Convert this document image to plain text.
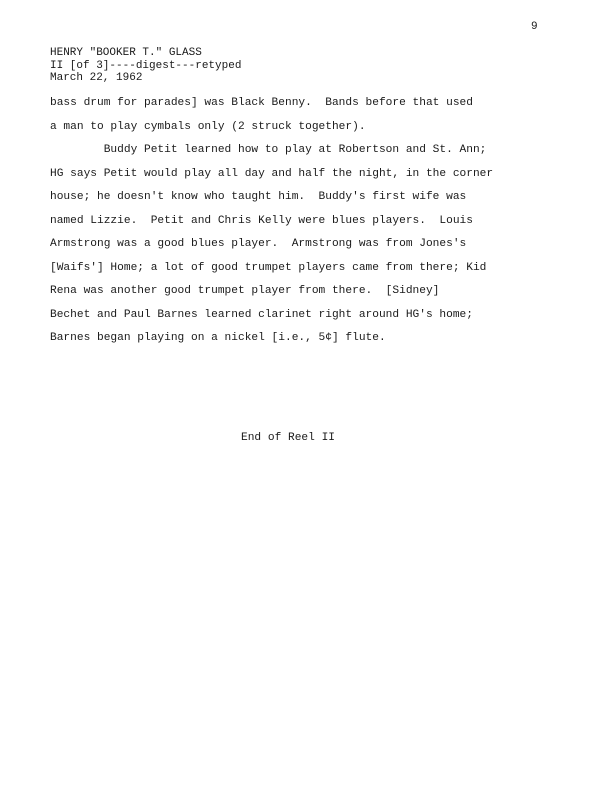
9
HENRY "BOOKER T." GLASS
II [of 3]----digest---retyped
March 22, 1962
bass drum for parades] was Black Benny.  Bands before that used
a man to play cymbals only (2 struck together).
Buddy Petit learned how to play at Robertson and St. Ann;
HG says Petit would play all day and half the night, in the corner
house; he doesn't know who taught him.  Buddy's first wife was
named Lizzie.  Petit and Chris Kelly were blues players.  Louis
Armstrong was a good blues player.  Armstrong was from Jones's
[Waifs'] Home; a lot of good trumpet players came from there; Kid
Rena was another good trumpet player from there.  [Sidney]
Bechet and Paul Barnes learned clarinet right around HG's home;
Barnes began playing on a nickel [i.e., 5¢] flute.
End of Reel II
